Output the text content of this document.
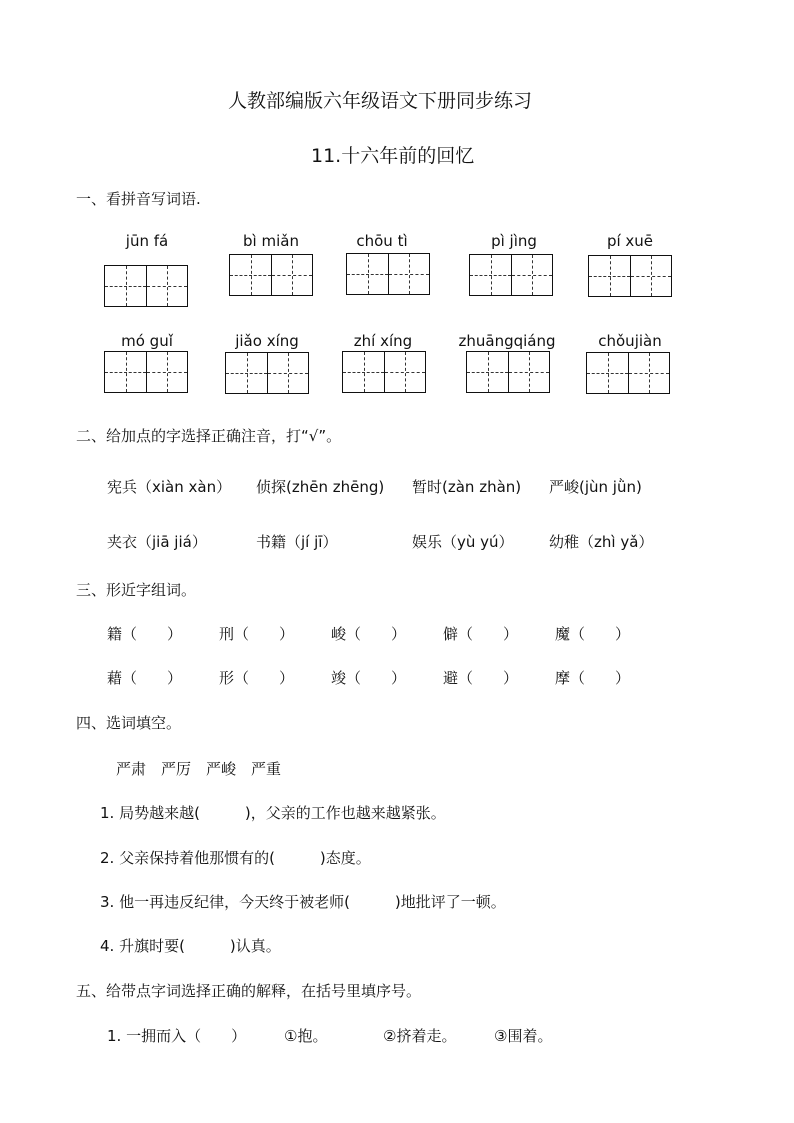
人教部编版六年级语文下册同步练习
11.十六年前的回忆
一、看拼音写词语.
jūn fá	bì miǎn	chōu tì	pì jìng	pí xuē
mó guǐ	jiǎo xíng	zhí xíng	zhuāngqiáng	chǒujiàn
二、给加点的字选择正确注音，打“√”。
宪兵（xiàn xàn） 侦探(zhēn zhēng) 暂时(zàn zhàn) 严峻(jùn jǜn)
夹衣（jiā jiá）	书籍（jí jī）	娱乐（yù yú） 幼稚（zhì yǎ）
三、形近字组词。
籍（　　） 刑（　　） 峻（　　） 僻（　　） 魔（　　）
藉（　　） 形（　　） 竣（　　） 避（　　） 摩（　　）
四、选词填空。
严肃　严厉　严峻　严重
1. 局势越来越(　　　)，父亲的工作也越来越紧张。
2. 父亲保持着他那惯有的(　　　)态度。
3. 他一再违反纪律，今天终于被老师(　　　)地批评了一顿。
4. 升旗时要(　　　)认真。
五、给带点字词选择正确的解释，在括号里填序号。
1. 一拥而入（　　）	①抱。	②挤着走。	③围着。
